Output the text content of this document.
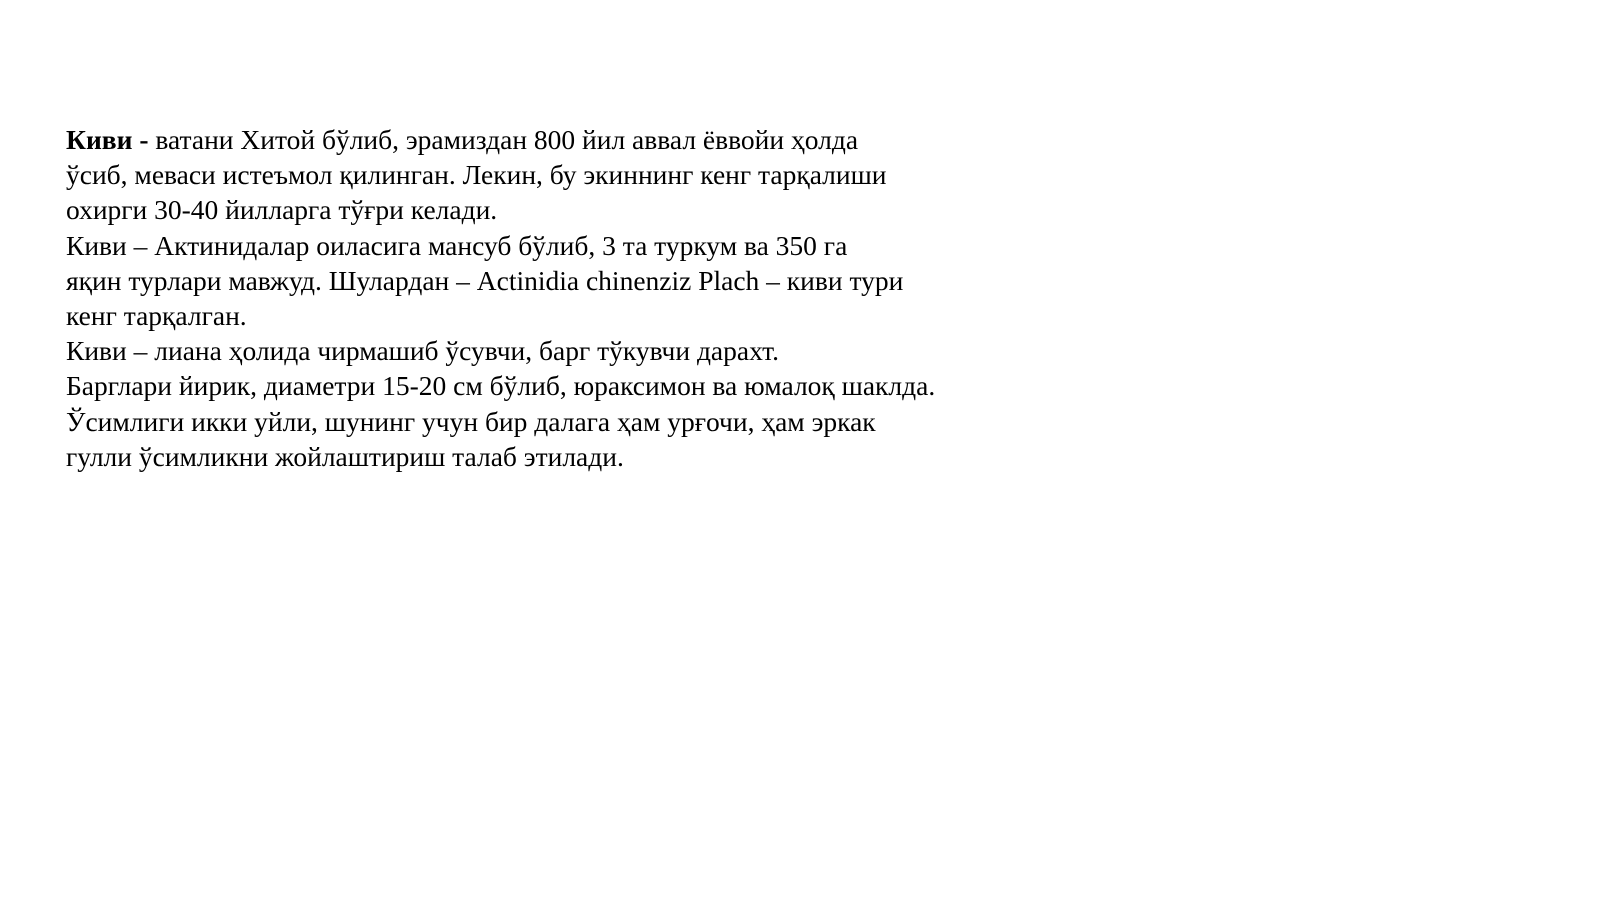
Киви - ватани Хитой бўлиб, эрамиздан 800 йил аввал ёввойи ҳолда
ўсиб, меваси истеъмол қилинган. Лекин, бу экиннинг кенг тарқалиши
охирги 30-40 йилларга тўғри келади.
Киви – Актинидалар оиласига мансуб бўлиб, 3 та туркум ва 350 га
яқин турлари мавжуд. Шулардан – Actinidia chinenziz Plach – киви тури
кенг тарқалган.
Киви – лиана ҳолида чирмашиб ўсувчи, барг тўкувчи дарахт.
Барглари йирик, диаметри 15-20 см бўлиб, юраксимон ва юмалоқ шаклда.
Ўсимлиги икки уйли, шунинг учун бир далага ҳам урғочи, ҳам эркак
гулли ўсимликни жойлаштириш талаб этилади.
